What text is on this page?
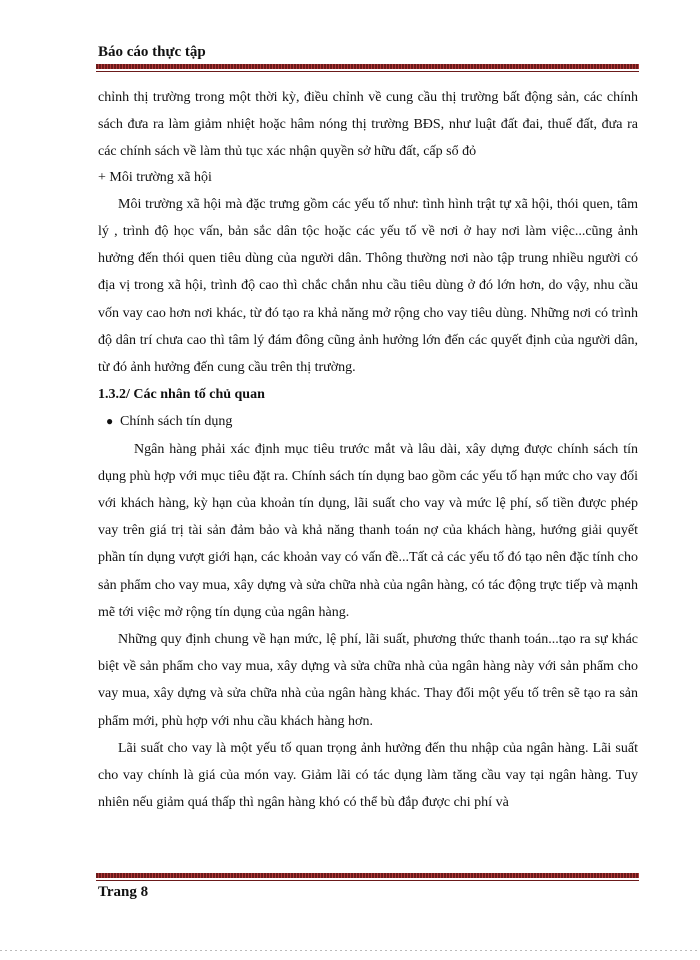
Báo cáo thực tập

chỉnh thị trường trong một thời kỳ, điều chỉnh về cung cầu thị trường bất động sản, các chính sách đưa ra làm giảm nhiệt hoặc hâm nóng thị trường BĐS, như luật đất đai, thuế đất, đưa ra các chính sách về làm thủ tục xác nhận quyền sở hữu đất, cấp sổ đỏ

+ Môi trường xã hội

Môi trường xã hội mà đặc trưng gồm các yếu tố như: tình hình trật tự xã hội, thói quen, tâm lý , trình độ học vấn, bản sắc dân tộc hoặc các yếu tố về nơi ở hay nơi làm việc...cũng ảnh hưởng đến thói quen tiêu dùng của người dân. Thông thường nơi nào tập trung nhiều người có địa vị trong xã hội, trình độ cao thì chắc chắn nhu cầu tiêu dùng ở đó lớn hơn, do vậy, nhu cầu vốn vay cao hơn nơi khác, từ đó tạo ra khả năng mở rộng cho vay tiêu dùng. Những nơi có trình độ dân trí chưa cao thì tâm lý đám đông cũng ảnh hưởng lớn đến các quyết định của người dân, từ đó ảnh hưởng đến cung cầu trên thị trường.

1.3.2/ Các nhân tố chủ quan

● Chính sách tín dụng

Ngân hàng phải xác định mục tiêu trước mắt và lâu dài, xây dựng được chính sách tín dụng phù hợp với mục tiêu đặt ra. Chính sách tín dụng bao gồm các yếu tố hạn mức cho vay đối với khách hàng, kỳ hạn của khoản tín dụng, lãi suất cho vay và mức lệ phí, số tiền được phép vay trên giá trị tài sản đảm bảo và khả năng thanh toán nợ của khách hàng, hướng giải quyết phần tín dụng vượt giới hạn, các khoản vay có vấn đề...Tất cả các yếu tố đó tạo nên đặc tính cho sản phẩm cho vay mua, xây dựng và sửa chữa nhà của ngân hàng, có tác động trực tiếp và mạnh mẽ tới việc mở rộng tín dụng của ngân hàng.

Những quy định chung về hạn mức, lệ phí, lãi suất, phương thức thanh toán...tạo ra sự khác biệt về sản phẩm cho vay mua, xây dựng và sửa chữa nhà của ngân hàng này với sản phẩm cho vay mua, xây dựng và sửa chữa nhà của ngân hàng khác. Thay đổi một yếu tố trên sẽ tạo ra sản phẩm mới, phù hợp với nhu cầu khách hàng hơn.

Lãi suất cho vay là một yếu tố quan trọng ảnh hưởng đến thu nhập của ngân hàng. Lãi suất cho vay chính là giá của món vay. Giảm lãi có tác dụng làm tăng cầu vay tại ngân hàng. Tuy nhiên nếu giảm quá thấp thì ngân hàng khó có thể bù đắp được chi phí và

Trang 8
